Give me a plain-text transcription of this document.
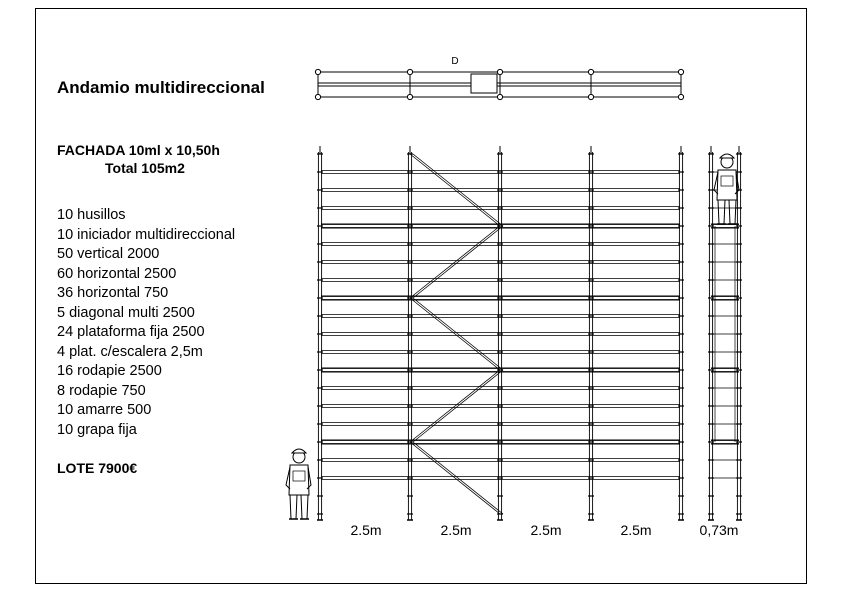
Andamio multidireccional
FACHADA 10ml x 10,50h
Total 105m2
10 husillos
10 iniciador multidireccional
50 vertical 2000
60 horizontal 2500
36 horizontal 750
5 diagonal multi 2500
24 plataforma fija 2500
4 plat. c/escalera 2,5m
16 rodapie 2500
8 rodapie 750
10 amarre 500
10 grapa fija
LOTE 7900€
D
2.5m	2.5m	2.5m	2.5m	0,73m
